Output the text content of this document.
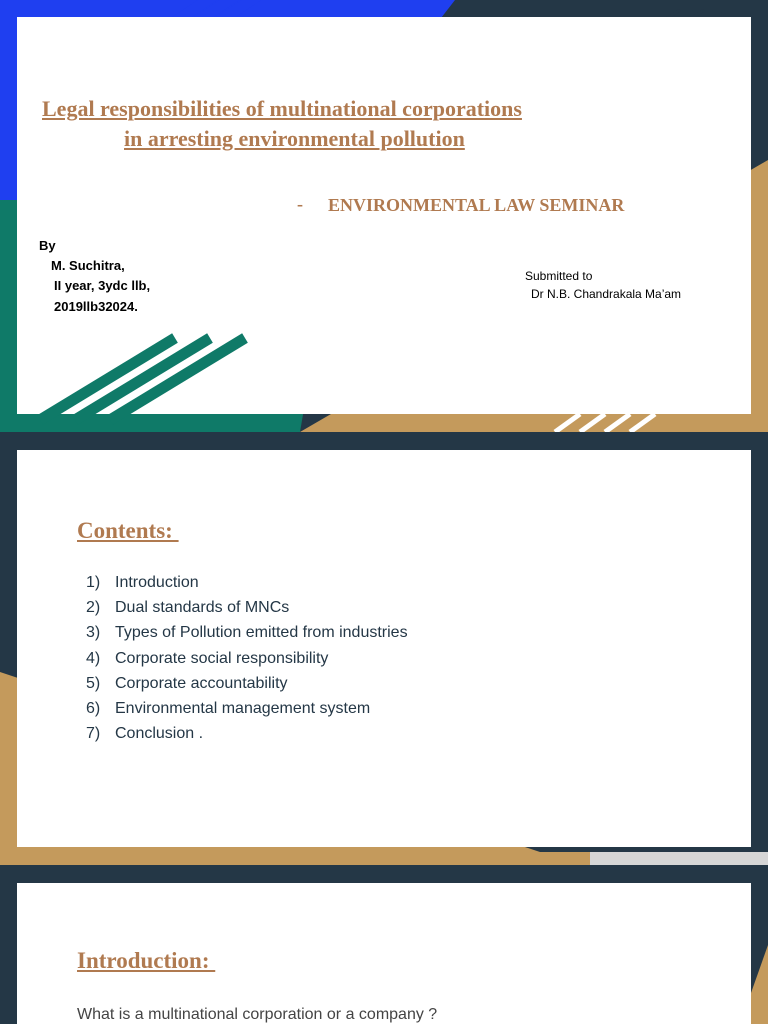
Legal responsibilities of multinational corporations

in arresting environmental pollution

- ENVIRONMENTAL LAW SEMINAR

By
M. Suchitra,
II year, 3ydc llb,
2019llb32024.
Submitted to
Dr N.B. Chandrakala Ma’am

Contents:

1) Introduction
2) Dual standards of MNCs
3) Types of Pollution emitted from industries
4) Corporate social responsibility
5) Corporate accountability
6) Environmental management system
7) Conclusion .

Introduction:

What is a multinational corporation or a company ?
